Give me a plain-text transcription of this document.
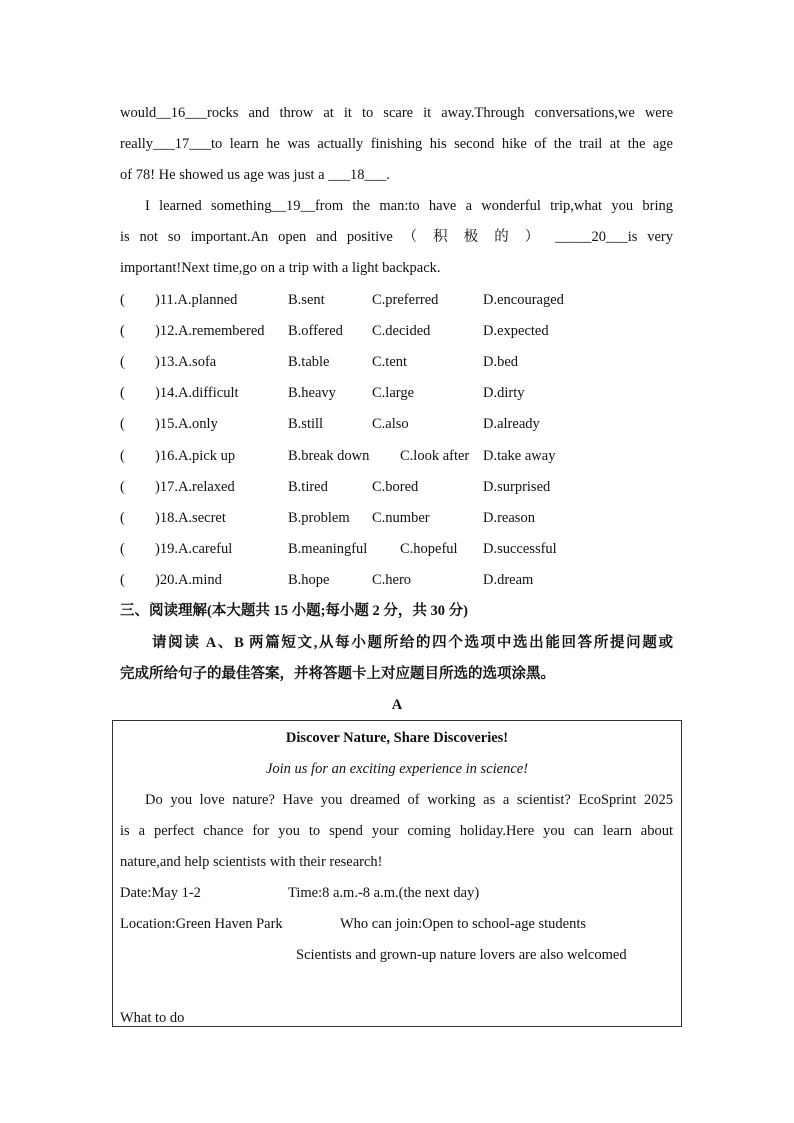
would__16___rocks and throw at it to scare it away.Through conversations,we were
really___17___to learn he was actually finishing his second hike of the trail at the age
of 78! He showed us age was just a ___18___.
I learned something__19__from the man:to have a wonderful trip,what you bring
is not so important.An open and positive （ 积 极 的 ） _____20___is very
important!Next time,go on a trip with a light backpack.
( )11.A.planned	B.sent	C.preferred	D.encouraged
( )12.A.remembered B.offered C.decided	D.expected
( )13.A.sofa	B.table	C.tent	D.bed
( )14.A.difficult	B.heavy C.large	D.dirty
( )15.A.only	B.still	C.also	D.already
( )16.A.pick up	B.break down C.look after D.take away
( )17.A.relaxed	B.tired	C.bored	D.surprised
( )18.A.secret	B.problem C.number	D.reason
( )19.A.careful	B.meaningful C.hopeful D.successful
( )20.A.mind	B.hope	C.hero	D.dream
三、阅读理解(本大题共 15 小题;每小题 2 分，共 30 分)
请阅读 A、B 两篇短文,从每小题所给的四个选项中选出能回答所提问题或
完成所给句子的最佳答案，并将答题卡上对应题目所选的选项涂黑。
A
Discover Nature, Share Discoveries!
Join us for an exciting experience in science!
Do you love nature? Have you dreamed of working as a scientist? EcoSprint 2025
is a perfect chance for you to spend your coming holiday.Here you can learn about
nature,and help scientists with their research!
Date:May 1-2	Time:8 a.m.-8 a.m.(the next day)
Location:Green Haven Park	Who can join:Open to school-age students
Scientists and grown-up nature lovers are also welcomed
What to do
